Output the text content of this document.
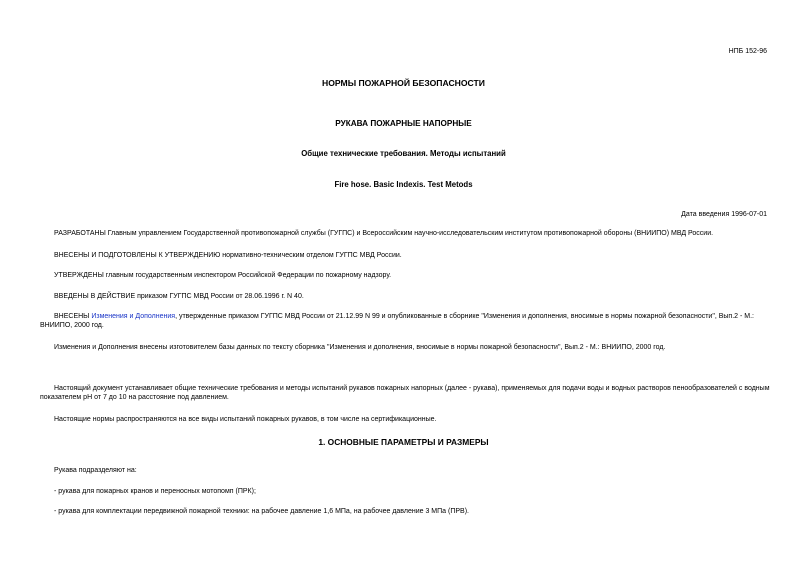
НПБ 152-96
НОРМЫ ПОЖАРНОЙ БЕЗОПАСНОСТИ
РУКАВА ПОЖАРНЫЕ НАПОРНЫЕ
Общие технические требования. Методы испытаний
Fire hose. Basic Indexis. Test Metods
Дата введения 1996-07-01
РАЗРАБОТАНЫ Главным управлением Государственной противопожарной службы (ГУГПС) и Всероссийским научно-исследовательским институтом противопожарной обороны (ВНИИПО) МВД России.
ВНЕСЕНЫ И ПОДГОТОВЛЕНЫ К УТВЕРЖДЕНИЮ нормативно-техническим отделом ГУГПС МВД России.
УТВЕРЖДЕНЫ главным государственным инспектором Российской Федерации по пожарному надзору.
ВВЕДЕНЫ В ДЕЙСТВИЕ приказом ГУГПС МВД России от 28.06.1996 г. N 40.
ВНЕСЕНЫ Изменения и Дополнения, утвержденные приказом ГУГПС МВД России от 21.12.99 N 99 и опубликованные в сборнике "Изменения и дополнения, вносимые в нормы пожарной безопасности", Вып.2 - М.: ВНИИПО, 2000 год.
Изменения и Дополнения внесены изготовителем базы данных по тексту сборника "Изменения и дополнения, вносимые в нормы пожарной безопасности", Вып.2 - М.: ВНИИПО, 2000 год.
Настоящий документ устанавливает общие технические требования и методы испытаний рукавов пожарных напорных (далее - рукава), применяемых для подачи воды и водных растворов пенообразователей с водным показателем pH от 7 до 10 на расстояние под давлением.
Настоящие нормы распространяются на все виды испытаний пожарных рукавов, в том числе на сертификационные.
1. ОСНОВНЫЕ ПАРАМЕТРЫ И РАЗМЕРЫ
Рукава подразделяют на:
- рукава для пожарных кранов и переносных мотопомп (ПРК);
- рукава для комплектации передвижной пожарной техники: на рабочее давление 1,6 МПа, на рабочее давление 3 МПа (ПРВ).
